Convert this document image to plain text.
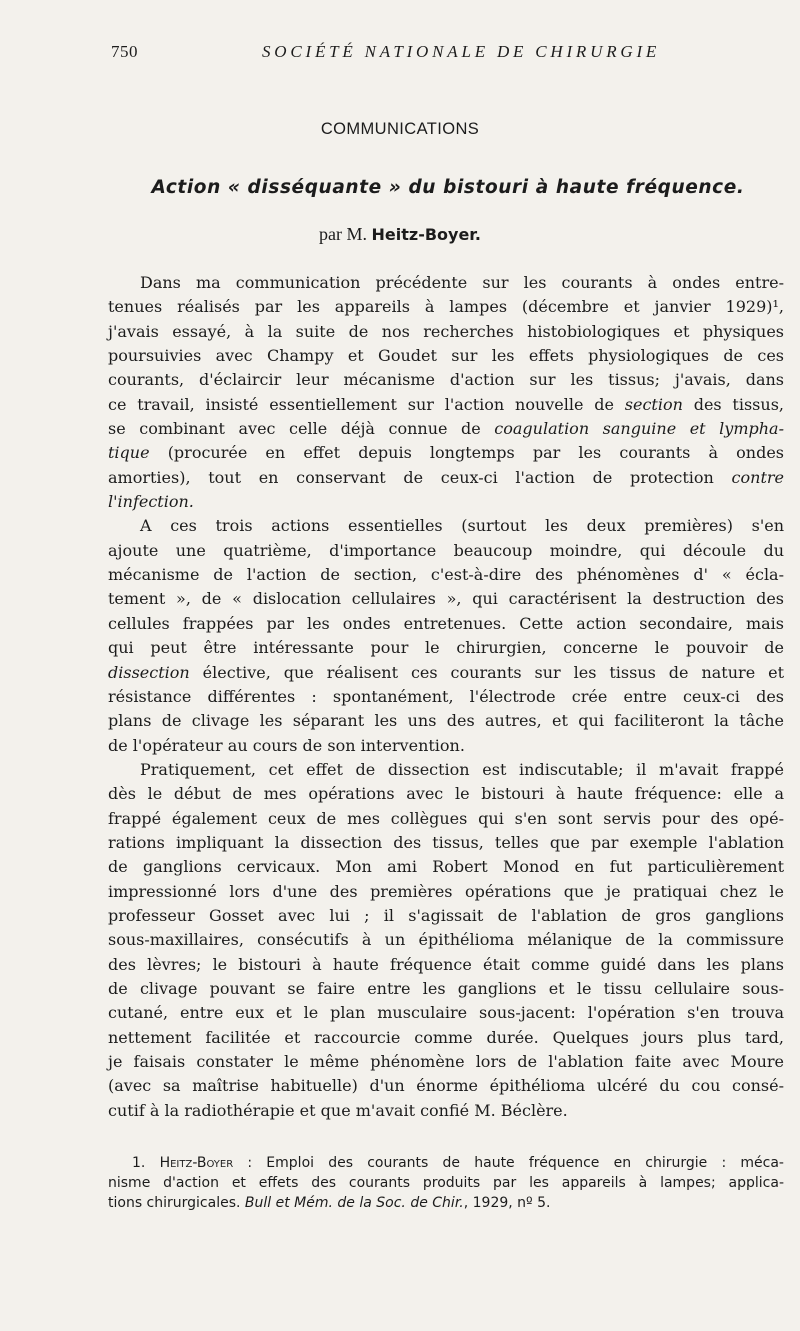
750	SOCIÉTÉ NATIONALE DE CHIRURGIE
COMMUNICATIONS
Action « disséquante » du bistouri à haute fréquence.
par M. Heitz-Boyer.
Dans ma communication précédente sur les courants à ondes entre-
tenues réalisés par les appareils à lampes (décembre et janvier 1929)¹,
j'avais essayé, à la suite de nos recherches histobiologiques et physiques
poursuivies avec Champy et Goudet sur les effets physiologiques de ces
courants, d'éclaircir leur mécanisme d'action sur les tissus; j'avais, dans
ce travail, insisté essentiellement sur l'action nouvelle de section des tissus,
se combinant avec celle déjà connue de coagulation sanguine et lympha-
tique (procurée en effet depuis longtemps par les courants à ondes
amorties), tout en conservant de ceux-ci l'action de protection contre
l'infection.
A ces trois actions essentielles (surtout les deux premières) s'en
ajoute une quatrième, d'importance beaucoup moindre, qui découle du
mécanisme de l'action de section, c'est-à-dire des phénomènes d' « écla-
tement », de « dislocation cellulaires », qui caractérisent la destruction des
cellules frappées par les ondes entretenues. Cette action secondaire, mais
qui peut être intéressante pour le chirurgien, concerne le pouvoir de
dissection élective, que réalisent ces courants sur les tissus de nature et
résistance différentes : spontanément, l'électrode crée entre ceux-ci des
plans de clivage les séparant les uns des autres, et qui faciliteront la tâche
de l'opérateur au cours de son intervention.
Pratiquement, cet effet de dissection est indiscutable; il m'avait frappé
dès le début de mes opérations avec le bistouri à haute fréquence: elle a
frappé également ceux de mes collègues qui s'en sont servis pour des opé-
rations impliquant la dissection des tissus, telles que par exemple l'ablation
de ganglions cervicaux. Mon ami Robert Monod en fut particulièrement
impressionné lors d'une des premières opérations que je pratiquai chez le
professeur Gosset avec lui ; il s'agissait de l'ablation de gros ganglions
sous-maxillaires, consécutifs à un épithélioma mélanique de la commissure
des lèvres; le bistouri à haute fréquence était comme guidé dans les plans
de clivage pouvant se faire entre les ganglions et le tissu cellulaire sous-
cutané, entre eux et le plan musculaire sous-jacent: l'opération s'en trouva
nettement facilitée et raccourcie comme durée. Quelques jours plus tard,
je faisais constater le même phénomène lors de l'ablation faite avec Moure
(avec sa maîtrise habituelle) d'un énorme épithélioma ulcéré du cou consé-
cutif à la radiothérapie et que m'avait confié M. Béclère.
1. Heitz-Boyer : Emploi des courants de haute fréquence en chirurgie : méca-
nisme d'action et effets des courants produits par les appareils à lampes; applica-
tions chirurgicales. Bull et Mém. de la Soc. de Chir., 1929, nº 5.
